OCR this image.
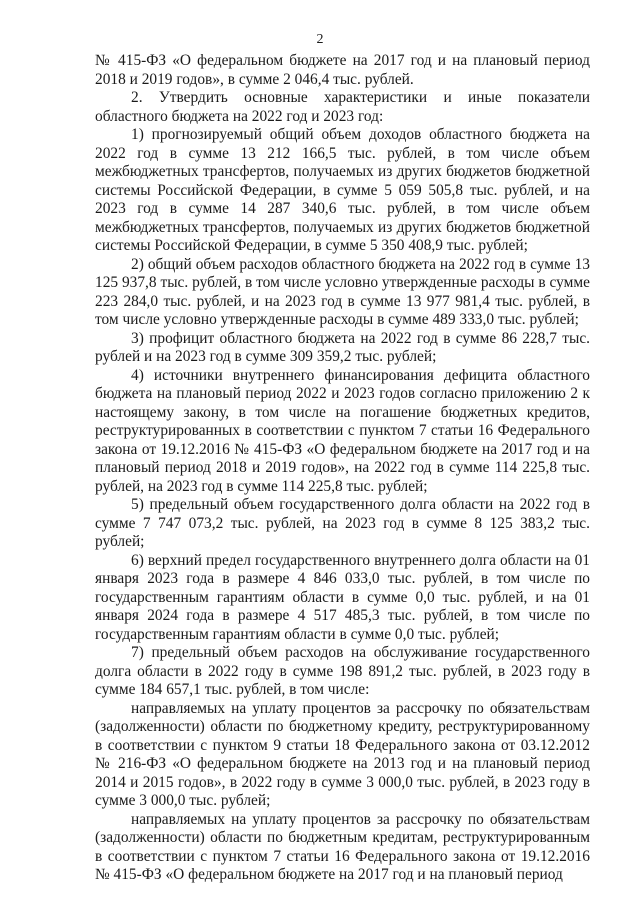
2

№ 415-ФЗ «О федеральном бюджете на 2017 год и на плановый период 2018 и 2019 годов», в сумме 2 046,4 тыс. рублей.

2. Утвердить основные характеристики и иные показатели областного бюджета на 2022 год и 2023 год:

1) прогнозируемый общий объем доходов областного бюджета на 2022 год в сумме 13 212 166,5 тыс. рублей, в том числе объем межбюджетных трансфертов, получаемых из других бюджетов бюджетной системы Российской Федерации, в сумме 5 059 505,8 тыс. рублей, и на 2023 год в сумме 14 287 340,6 тыс. рублей, в том числе объем межбюджетных трансфертов, получаемых из других бюджетов бюджетной системы Российской Федерации, в сумме 5 350 408,9 тыс. рублей;

2) общий объем расходов областного бюджета на 2022 год в сумме 13 125 937,8 тыс. рублей, в том числе условно утвержденные расходы в сумме 223 284,0 тыс. рублей, и на 2023 год в сумме 13 977 981,4 тыс. рублей, в том числе условно утвержденные расходы в сумме 489 333,0 тыс. рублей;

3) профицит областного бюджета на 2022 год в сумме 86 228,7 тыс. рублей и на 2023 год в сумме 309 359,2 тыс. рублей;

4) источники внутреннего финансирования дефицита областного бюджета на плановый период 2022 и 2023 годов согласно приложению 2 к настоящему закону, в том числе на погашение бюджетных кредитов, реструктурированных в соответствии с пунктом 7 статьи 16 Федерального закона от 19.12.2016 № 415-ФЗ «О федеральном бюджете на 2017 год и на плановый период 2018 и 2019 годов», на 2022 год в сумме 114 225,8 тыс. рублей, на 2023 год в сумме 114 225,8 тыс. рублей;

5) предельный объем государственного долга области на 2022 год в сумме 7 747 073,2 тыс. рублей, на 2023 год в сумме 8 125 383,2 тыс. рублей;

6) верхний предел государственного внутреннего долга области на 01 января 2023 года в размере 4 846 033,0 тыс. рублей, в том числе по государственным гарантиям области в сумме 0,0 тыс. рублей, и на 01 января 2024 года в размере 4 517 485,3 тыс. рублей, в том числе по государственным гарантиям области в сумме 0,0 тыс. рублей;

7) предельный объем расходов на обслуживание государственного долга области в 2022 году в сумме 198 891,2 тыс. рублей, в 2023 году в сумме 184 657,1 тыс. рублей, в том числе:

направляемых на уплату процентов за рассрочку по обязательствам (задолженности) области по бюджетному кредиту, реструктурированному в соответствии с пунктом 9 статьи 18 Федерального закона от 03.12.2012 № 216-ФЗ «О федеральном бюджете на 2013 год и на плановый период 2014 и 2015 годов», в 2022 году в сумме 3 000,0 тыс. рублей, в 2023 году в сумме 3 000,0 тыс. рублей;

направляемых на уплату процентов за рассрочку по обязательствам (задолженности) области по бюджетным кредитам, реструктурированным в соответствии с пунктом 7 статьи 16 Федерального закона от 19.12.2016 № 415-ФЗ «О федеральном бюджете на 2017 год и на плановый период
